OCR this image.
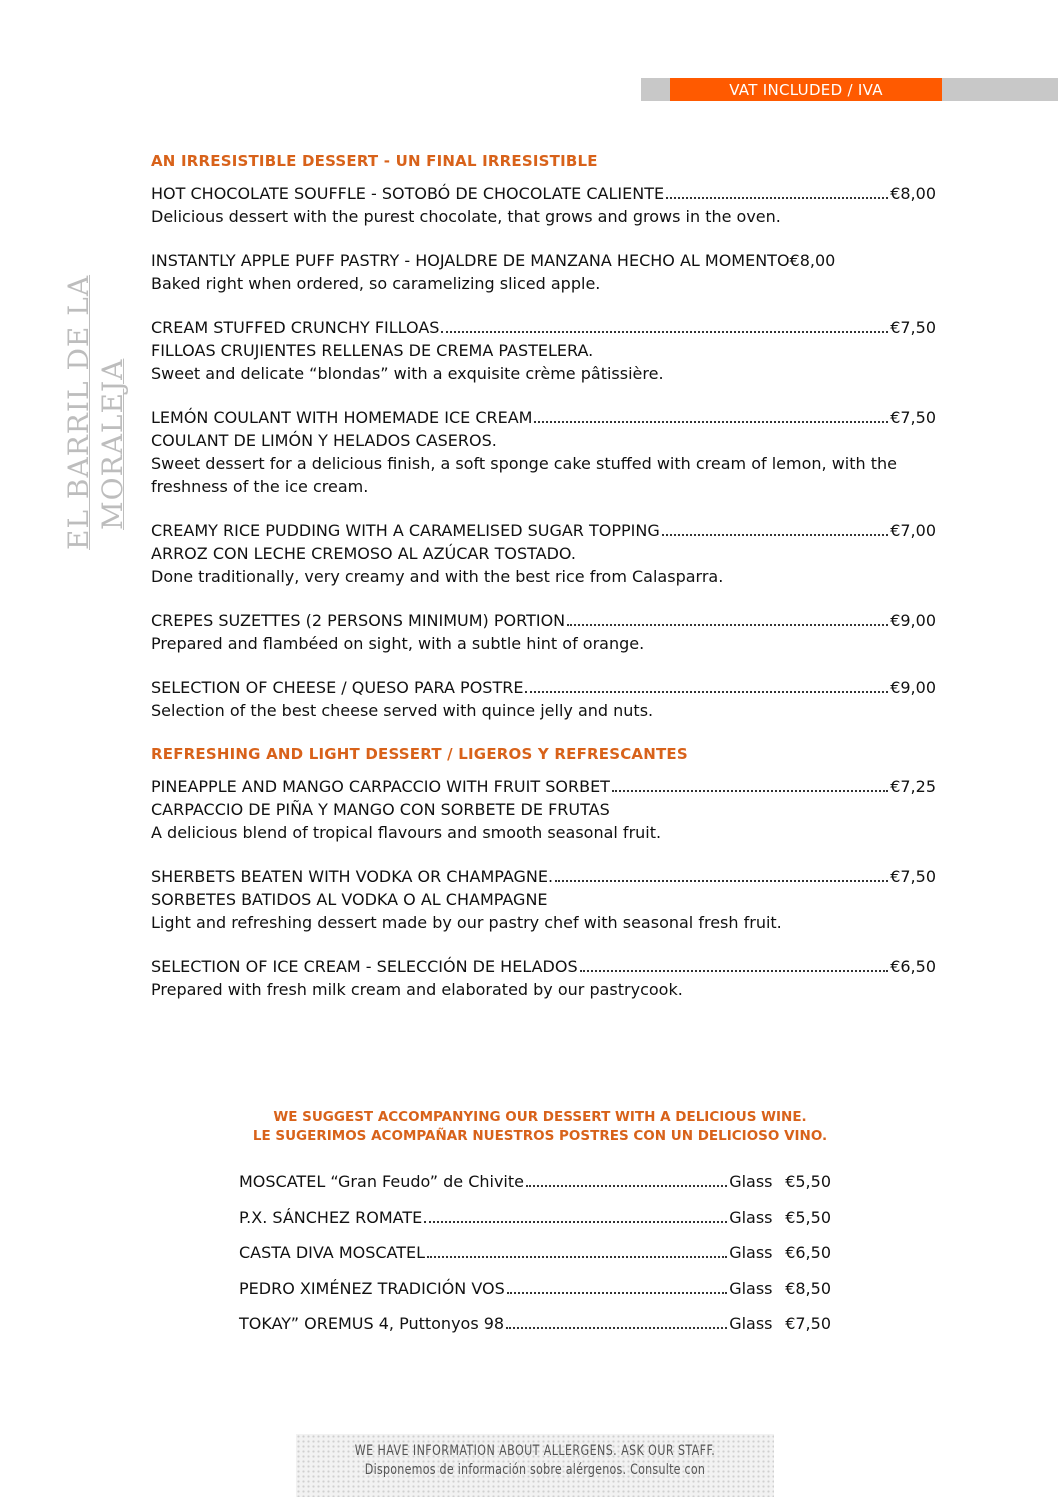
VAT INCLUDED / IVA
EL BARRIL DE LA MORALEJA
AN IRRESISTIBLE DESSERT - UN FINAL IRRESISTIBLE
HOT CHOCOLATE SOUFFLE - SOTOBÓ DE CHOCOLATE CALIENTE	€8,00
Delicious dessert with the purest chocolate, that grows and grows in the oven.
INSTANTLY APPLE PUFF PASTRY - HOJALDRE DE MANZANA HECHO AL MOMENTO €8,00
Baked right when ordered, so caramelizing sliced apple.
CREAM STUFFED CRUNCHY FILLOAS	€7,50
FILLOAS CRUJIENTES RELLENAS DE CREMA PASTELERA.
Sweet and delicate “blondas” with a exquisite crème pâtissière.
LEMÓN COULANT WITH HOMEMADE ICE CREAM	€7,50
COULANT DE LIMÓN Y HELADOS CASEROS.
Sweet dessert for a delicious finish, a soft sponge cake stuffed with cream of lemon, with the freshness of the ice cream.
CREAMY RICE PUDDING WITH A CARAMELISED SUGAR TOPPING	€7,00
ARROZ CON LECHE CREMOSO AL AZÚCAR TOSTADO.
Done traditionally, very creamy and with the best rice from Calasparra.
CREPES SUZETTES (2 PERSONS MINIMUM) PORTION	€9,00
Prepared and flambéed on sight, with a subtle hint of orange.
SELECTION OF CHEESE / QUESO PARA POSTRE	€9,00
Selection of the best cheese served with quince jelly and nuts.
REFRESHING AND LIGHT DESSERT / LIGEROS Y REFRESCANTES
PINEAPPLE AND MANGO CARPACCIO WITH FRUIT SORBET	€7,25
CARPACCIO DE PIÑA Y MANGO CON SORBETE DE FRUTAS
A delicious blend of tropical flavours and smooth seasonal fruit.
SHERBETS BEATEN WITH VODKA OR CHAMPAGNE.	€7,50
SORBETES BATIDOS AL VODKA O AL CHAMPAGNE
Light and refreshing dessert made by our pastry chef with seasonal fresh fruit.
SELECTION OF ICE CREAM - SELECCIÓN DE HELADOS	€6,50
Prepared with fresh milk cream and elaborated by our pastrycook.
WE SUGGEST ACCOMPANYING OUR DESSERT WITH A DELICIOUS WINE.
LE SUGERIMOS ACOMPAÑAR NUESTROS POSTRES CON UN DELICIOSO VINO.
MOSCATEL “Gran Feudo” de Chivite	Glass €5,50
P.X. SÁNCHEZ ROMATE	Glass €5,50
CASTA DIVA MOSCATEL	Glass €6,50
PEDRO XIMÉNEZ TRADICIÓN VOS	Glass €8,50
TOKAY” OREMUS 4, Puttonyos 98	Glass €7,50
WE HAVE INFORMATION ABOUT ALLERGENS. ASK OUR STAFF.
Disponemos de información sobre alérgenos. Consulte con
